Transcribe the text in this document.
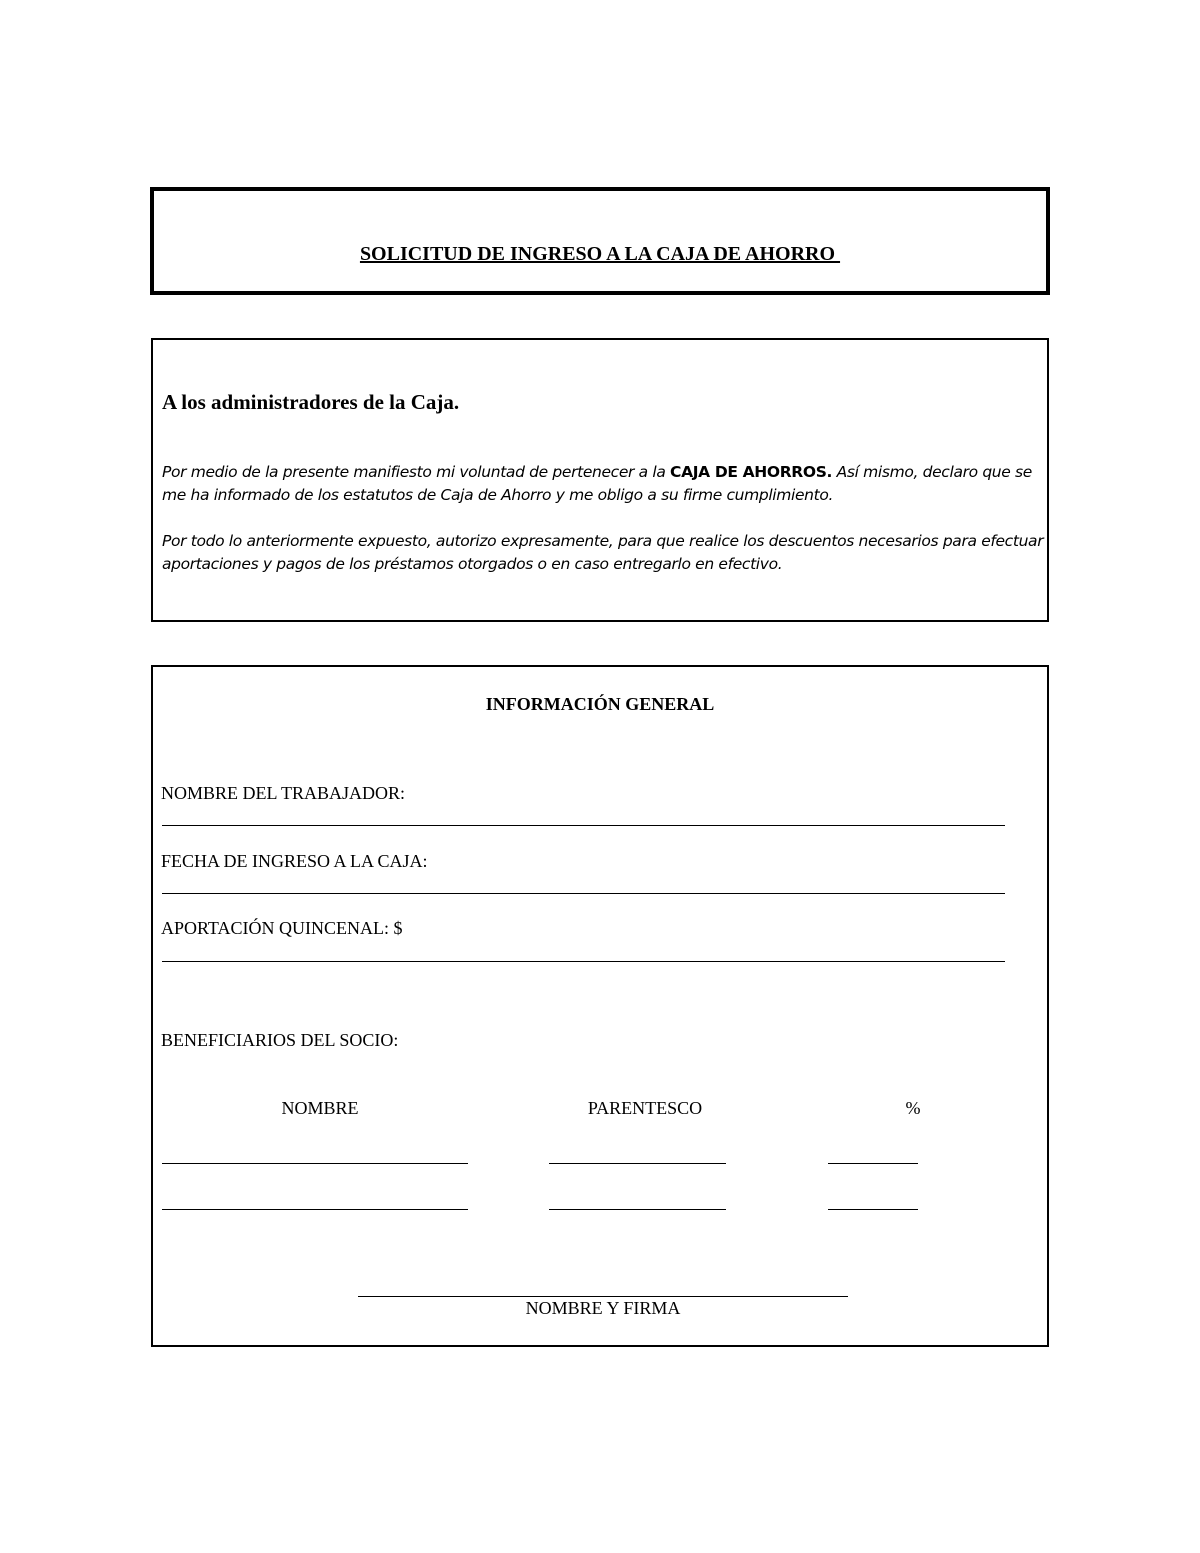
SOLICITUD DE INGRESO A LA CAJA DE AHORRO
A los administradores de la Caja.
Por medio de la presente manifiesto mi voluntad de pertenecer a la CAJA DE AHORROS. Así mismo, declaro que se me ha informado de los estatutos de Caja de Ahorro y me obligo a su firme cumplimiento.
Por todo lo anteriormente expuesto, autorizo expresamente, para que realice los descuentos necesarios para efectuar aportaciones y pagos de los préstamos otorgados o en caso entregarlo en efectivo.
INFORMACIÓN GENERAL
NOMBRE DEL TRABAJADOR:
FECHA DE INGRESO A LA CAJA:
APORTACIÓN QUINCENAL: $
BENEFICIARIOS DEL SOCIO:
NOMBRE	PARENTESCO	%
NOMBRE Y FIRMA
